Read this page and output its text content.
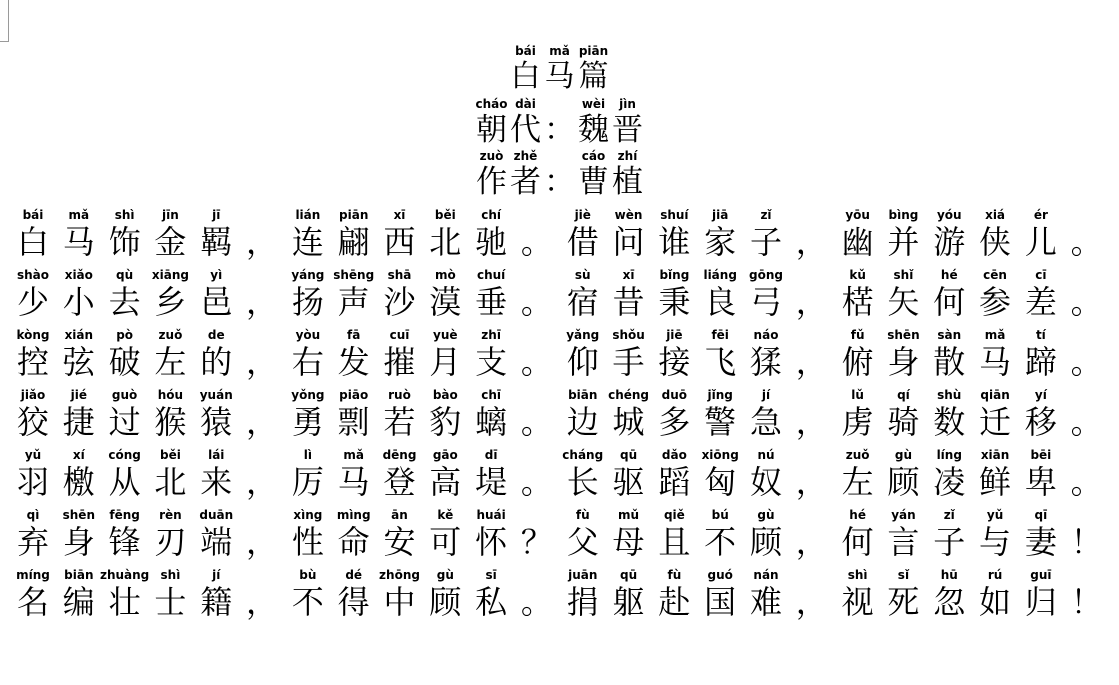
bái
白
mǎ
马
piān
篇
cháo
朝
dài
代 ：
wèi
魏
jìn
晋
zuò
作
zhě
者 ：
cáo
曹
zhí
植
bái
白
mǎ
马
shì
饰
jīn
金
jī
羁 ，
lián
连
piān
翩
xī
西
běi
北
chí
驰 。
jiè
借
wèn
问
shuí
谁
jiā
家
zǐ
子 ，
yōu
幽
bìng
并
yóu
游
xiá
侠
ér
儿 。
shào
少
xiǎo
小
qù
去
xiāng
乡
yì
邑 ，
yáng
扬
shēng
声
shā
沙
mò
漠
chuí
垂 。
sù
宿
xī
昔
bǐng
秉
liáng
良
gōng
弓 ，
kǔ
楛
shǐ
矢
hé
何
cēn
参
cī
差 。
kòng
控
xián
弦
pò
破
zuǒ
左
de
的 ，
yòu
右
fā
发
cuī
摧
yuè
月
zhī
支 。
yǎng
仰
shǒu
手
jiē
接
fēi
飞
náo
猱 ，
fǔ
俯
shēn
身
sàn
散
mǎ
马
tí
蹄 。
jiǎo
狡
jié
捷
guò
过
hóu
猴
yuán
猿 ，
yǒng
勇
piāo
剽
ruò
若
bào
豹
chī
螭 。
biān
边
chéng
城
duō
多
jǐng
警
jí
急 ，
lǔ
虏
qí
骑
shù
数
qiān
迁
yí
移 。
yǔ
羽
xí
檄
cóng
从
běi
北
lái
来 ，
lì
厉
mǎ
马
dēng
登
gāo
高
dī
堤 。
cháng
长
qū
驱
dǎo
蹈
xiōng
匈
nú
奴 ，
zuǒ
左
gù
顾
líng
凌
xiān
鲜
bēi
卑 。
qì
弃
shēn
身
fēng
锋
rèn
刃
duān
端 ，
xìng
性
mìng
命
ān
安
kě
可
huái
怀 ？
fù
父
mǔ
母
qiě
且
bú
不
gù
顾 ，
hé
何
yán
言
zǐ
子
yǔ
与
qī
妻 ！
míng
名
biān
编
zhuàng
壮
shì
士
jí
籍 ，
bù
不
dé
得
zhōng
中
gù
顾
sī
私 。
juān
捐
qū
躯
fù
赴
guó
国
nán
难 ，
shì
视
sǐ
死
hū
忽
rú
如
guī
归 ！
